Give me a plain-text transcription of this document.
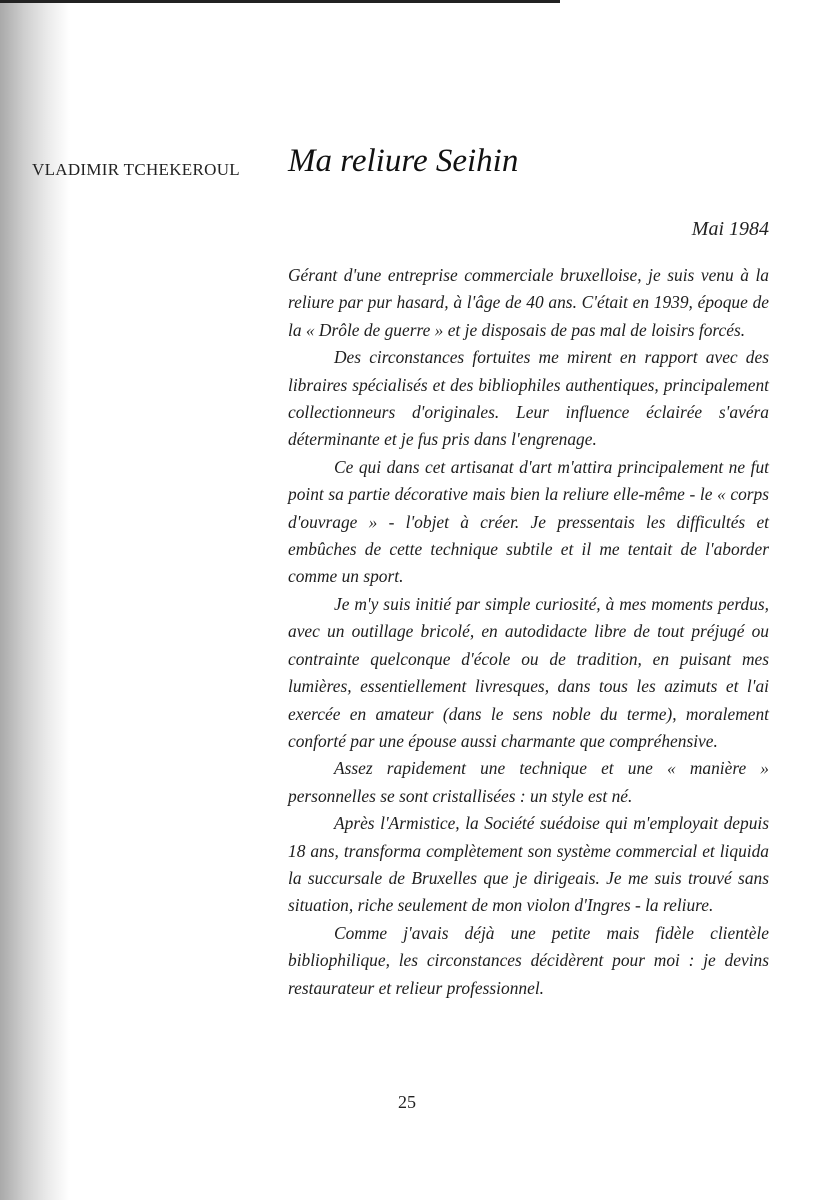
VLADIMIR TCHEKEROUL Ma reliure Seihin
Mai 1984

Gérant d'une entreprise commerciale bruxelloise, je suis venu à la reliure par pur hasard, à l'âge de 40 ans. C'était en 1939, époque de la « Drôle de guerre » et je disposais de pas mal de loisirs forcés.

Des circonstances fortuites me mirent en rapport avec des libraires spécialisés et des bibliophiles authentiques, principalement collectionneurs d'originales. Leur influence éclairée s'avéra déterminante et je fus pris dans l'engrenage.

Ce qui dans cet artisanat d'art m'attira principalement ne fut point sa partie décorative mais bien la reliure elle-même - le « corps d'ouvrage » - l'objet à créer. Je pressentais les difficultés et embûches de cette technique subtile et il me tentait de l'aborder comme un sport.

Je m'y suis initié par simple curiosité, à mes moments perdus, avec un outillage bricolé, en autodidacte libre de tout préjugé ou contrainte quelconque d'école ou de tradition, en puisant mes lumières, essentiellement livresques, dans tous les azimuts et l'ai exercée en amateur (dans le sens noble du terme), moralement conforté par une épouse aussi charmante que compréhensive.

Assez rapidement une technique et une « manière » personnelles se sont cristallisées : un style est né.

Après l'Armistice, la Société suédoise qui m'employait depuis 18 ans, transforma complètement son système commercial et liquida la succursale de Bruxelles que je dirigeais. Je me suis trouvé sans situation, riche seulement de mon violon d'Ingres - la reliure.

Comme j'avais déjà une petite mais fidèle clientèle bibliophilique, les circonstances décidèrent pour moi : je devins restaurateur et relieur professionnel.

25
